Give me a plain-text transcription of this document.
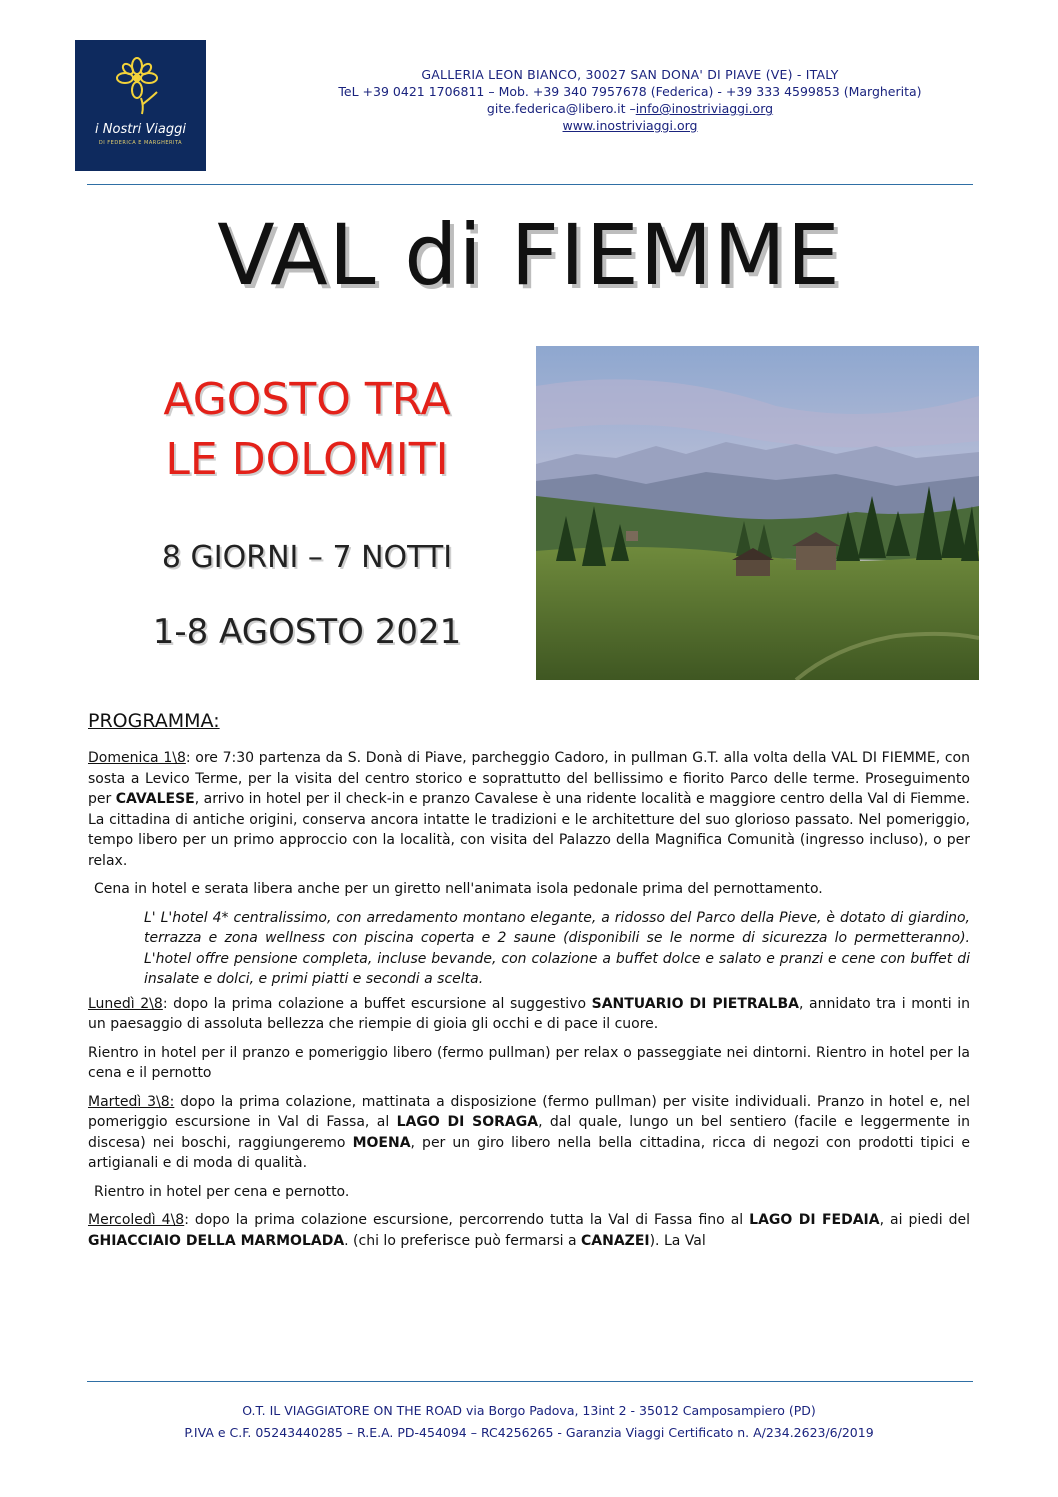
i Nostri Viaggi
DI FEDERICA E MARGHERITA
GALLERIA LEON BIANCO, 30027 SAN DONA' DI PIAVE (VE) - ITALY
TeL +39 0421 1706811 – Mob. +39 340 7957678 (Federica) - +39 333 4599853 (Margherita)
gite.federica@libero.it –info@inostriviaggi.org
www.inostriviaggi.org
VAL di FIEMME
AGOSTO TRA
LE DOLOMITI
8 GIORNI – 7 NOTTI
1-8 AGOSTO 2021
PROGRAMMA:

Domenica 1\8: ore 7:30 partenza da S. Donà di Piave, parcheggio Cadoro, in pullman G.T. alla volta della VAL DI FIEMME, con sosta a Levico Terme, per la visita del centro storico e soprattutto del bellissimo e fiorito Parco delle terme. Proseguimento per CAVALESE, arrivo in hotel per il check-in e pranzo Cavalese è una ridente località e maggiore centro della Val di Fiemme. La cittadina di antiche origini, conserva ancora intatte le tradizioni e le architetture del suo glorioso passato. Nel pomeriggio, tempo libero per un primo approccio con la località, con visita del Palazzo della Magnifica Comunità (ingresso incluso), o per relax.

Cena in hotel e serata libera anche per un giretto nell'animata isola pedonale prima del pernottamento.

L' L'hotel 4* centralissimo, con arredamento montano elegante, a ridosso del Parco della Pieve, è dotato di giardino, terrazza e zona wellness con piscina coperta e 2 saune (disponibili se le norme di sicurezza lo permetteranno). L'hotel offre pensione completa, incluse bevande, con colazione a buffet dolce e salato e pranzi e cene con buffet di insalate e dolci, e primi piatti e secondi a scelta.

Lunedì 2\8: dopo la prima colazione a buffet escursione al suggestivo SANTUARIO DI PIETRALBA, annidato tra i monti in un paesaggio di assoluta bellezza che riempie di gioia gli occhi e di pace il cuore.

Rientro in hotel per il pranzo e pomeriggio libero (fermo pullman) per relax o passeggiate nei dintorni. Rientro in hotel per la cena e il pernotto

Martedì 3\8: dopo la prima colazione, mattinata a disposizione (fermo pullman) per visite individuali. Pranzo in hotel e, nel pomeriggio escursione in Val di Fassa, al LAGO DI SORAGA, dal quale, lungo un bel sentiero (facile e leggermente in discesa) nei boschi, raggiungeremo MOENA, per un giro libero nella bella cittadina, ricca di negozi con prodotti tipici e artigianali e di moda di qualità.

Rientro in hotel per cena e pernotto.

Mercoledì 4\8: dopo la prima colazione escursione, percorrendo tutta la Val di Fassa fino al LAGO DI FEDAIA, ai piedi del GHIACCIAIO DELLA MARMOLADA. (chi lo preferisce può fermarsi a CANAZEI). La Val

O.T. IL VIAGGIATORE ON THE ROAD via Borgo Padova, 13int 2 - 35012 Camposampiero (PD)
P.IVA e C.F. 05243440285 – R.E.A. PD-454094 – RC4256265 - Garanzia Viaggi Certificato n. A/234.2623/6/2019
